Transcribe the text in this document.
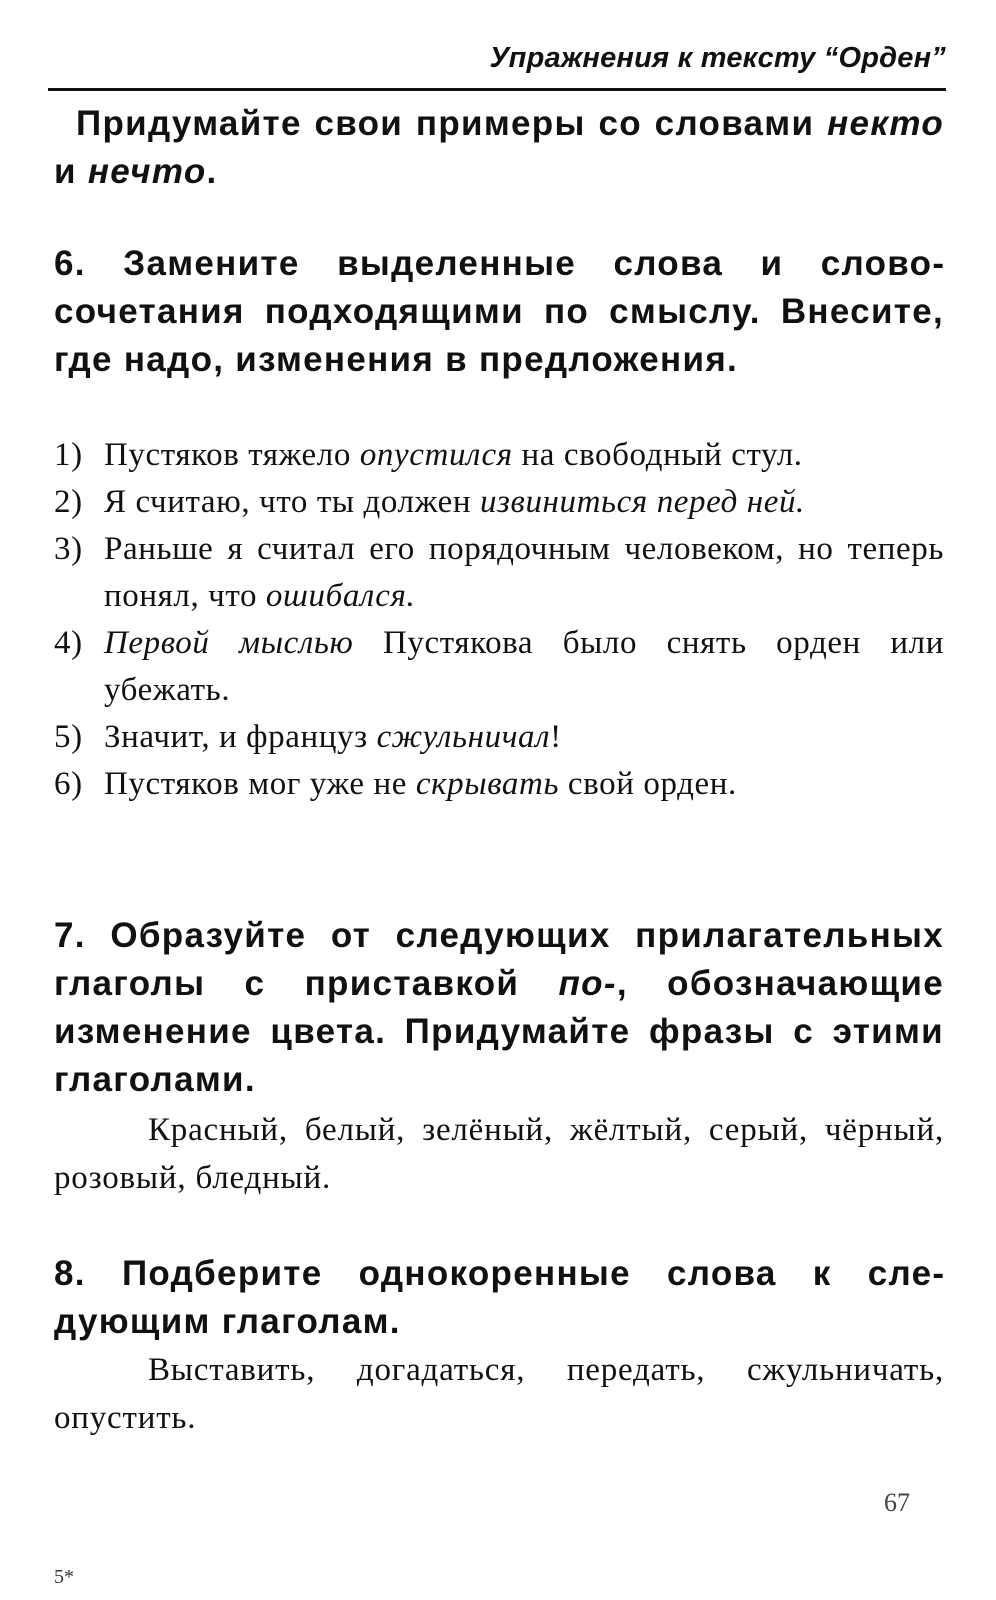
Упражнения к тексту “Орден”
Придумайте свои примеры со словами некто и нечто.
6. Замените выделенные слова и словосочетания подходящими по смыслу. Внесите, где надо, изменения в предложения.
1) Пустяков тяжело опустился на свободный стул.
2) Я считаю, что ты должен извиниться перед ней.
3) Раньше я считал его порядочным человеком, но теперь понял, что ошибался.
4) Первой мыслью Пустякова было снять орден или убежать.
5) Значит, и француз сжульничал!
6) Пустяков мог уже не скрывать свой орден.
7. Образуйте от следующих прилагательных глаголы с приставкой по-, обозначающие изменение цвета. Придумайте фразы с этими глаголами.
Красный, белый, зелёный, жёлтый, серый, чёрный, розовый, бледный.
8. Подберите однокоренные слова к следующим глаголам.
Выставить, догадаться, передать, сжульничать, опустить.
67
5*
